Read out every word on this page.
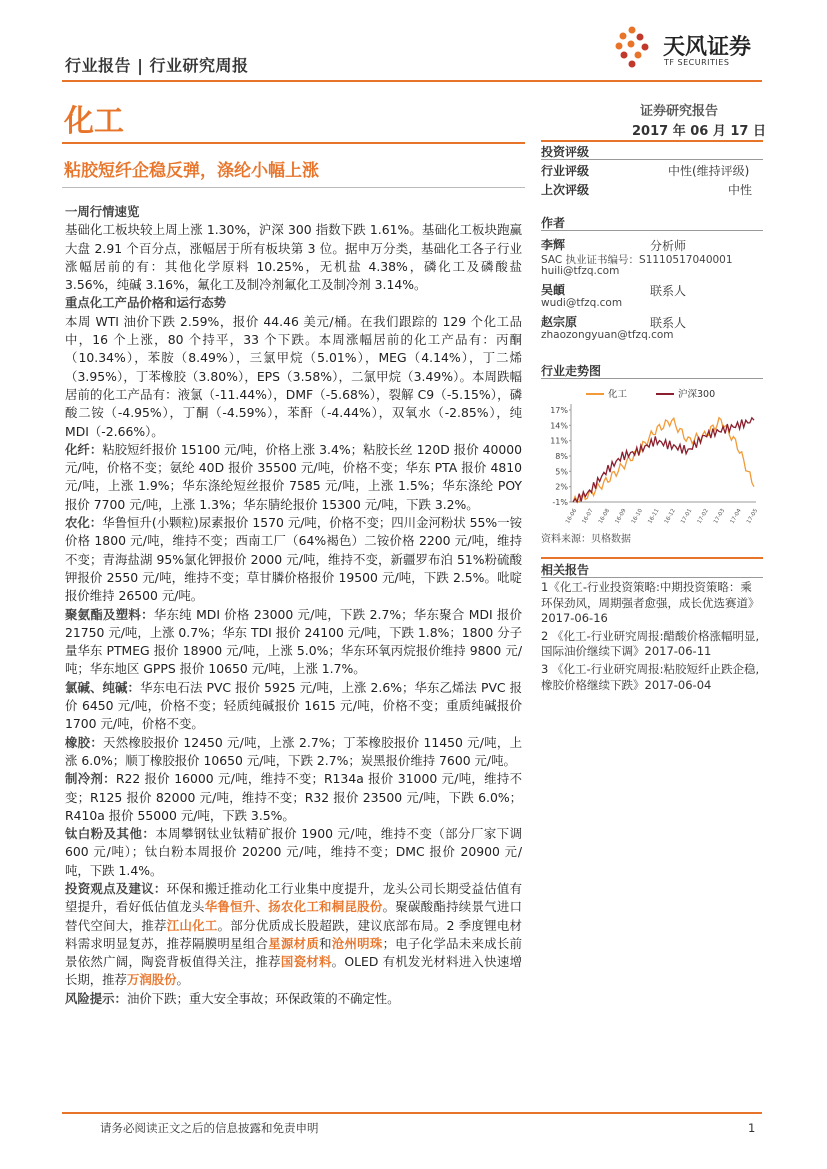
行业报告 | 行业研究周报
天风证券
TF SECURITIES
化工	证券研究报告
2017 年 06 月 17 日
粘胶短纤企稳反弹，涤纶小幅上涨

一周行情速览

基础化工板块较上周上涨 1.30%，沪深 300 指数下跌 1.61%。基础化工板块跑赢大盘 2.91 个百分点，涨幅居于所有板块第 3 位。据申万分类，基础化工各子行业涨幅居前的有：其他化学原料 10.25%，无机盐 4.38%，磷化工及磷酸盐 3.56%，纯碱 3.16%，氟化工及制冷剂氟化工及制冷剂 3.14%。

重点化工产品价格和运行态势

本周 WTI 油价下跌 2.59%，报价 44.46 美元/桶。在我们跟踪的 129 个化工品中，16 个上涨，80 个持平，33 个下跌。本周涨幅居前的化工产品有：丙酮（10.34%），苯胺（8.49%），三氯甲烷（5.01%），MEG（4.14%），丁二烯（3.95%），丁苯橡胶（3.80%），EPS（3.58%），二氯甲烷（3.49%）。本周跌幅居前的化工产品有：液氯（-11.44%），DMF（-5.68%），裂解 C9（-5.15%），磷酸二铵（-4.95%），丁酮（-4.59%），苯酐（-4.44%），双氧水（-2.85%），纯 MDI（-2.66%）。

化纤：粘胶短纤报价 15100 元/吨，价格上涨 3.4%；粘胶长丝 120D 报价 40000 元/吨，价格不变；氨纶 40D 报价 35500 元/吨，价格不变；华东 PTA 报价 4810 元/吨，上涨 1.9%；华东涤纶短丝报价 7585 元/吨，上涨 1.5%；华东涤纶 POY 报价 7700 元/吨，上涨 1.3%；华东腈纶报价 15300 元/吨，下跌 3.2%。

农化：华鲁恒升(小颗粒)尿素报价 1570 元/吨，价格不变；四川金河粉状 55%一铵价格 1800 元/吨，维持不变；西南工厂（64%褐色）二铵价格 2200 元/吨，维持不变；青海盐湖 95%氯化钾报价 2000 元/吨，维持不变，新疆罗布泊 51%粉硫酸钾报价 2550 元/吨，维持不变；草甘膦价格报价 19500 元/吨，下跌 2.5%。吡啶报价维持 26500 元/吨。

聚氨酯及塑料：华东纯 MDI 价格 23000 元/吨，下跌 2.7%；华东聚合 MDI 报价 21750 元/吨，上涨 0.7%；华东 TDI 报价 24100 元/吨，下跌 1.8%；1800 分子量华东 PTMEG 报价 18900 元/吨，上涨 5.0%；华东环氧丙烷报价维持 9800 元/吨；华东地区 GPPS 报价 10650 元/吨，上涨 1.7%。

氯碱、纯碱：华东电石法 PVC 报价 5925 元/吨，上涨 2.6%；华东乙烯法 PVC 报价 6450 元/吨，价格不变；轻质纯碱报价 1615 元/吨，价格不变；重质纯碱报价 1700 元/吨，价格不变。

橡胶：天然橡胶报价 12450 元/吨，上涨 2.7%；丁苯橡胶报价 11450 元/吨，上涨 6.0%；顺丁橡胶报价 10650 元/吨，下跌 2.7%；炭黑报价维持 7600 元/吨。

制冷剂：R22 报价 16000 元/吨，维持不变；R134a 报价 31000 元/吨，维持不变；R125 报价 82000 元/吨，维持不变；R32 报价 23500 元/吨，下跌 6.0%；R410a 报价 55000 元/吨，下跌 3.5%。

钛白粉及其他：本周攀钢钛业钛精矿报价 1900 元/吨，维持不变（部分厂家下调 600 元/吨）；钛白粉本周报价 20200 元/吨，维持不变；DMC 报价 20900 元/吨，下跌 1.4%。

投资观点及建议：环保和搬迁推动化工行业集中度提升，龙头公司长期受益估值有望提升，看好低估值龙头华鲁恒升、扬农化工和桐昆股份。聚碳酸酯持续景气进口替代空间大，推荐江山化工。部分优质成长股超跌，建议底部布局。2 季度锂电材料需求明显复苏，推荐隔膜明星组合星源材质和沧州明珠；电子化学品未来成长前景依然广阔，陶瓷背板值得关注，推荐国瓷材料。OLED 有机发光材料进入快速增长期，推荐万润股份。

风险提示：油价下跌；重大安全事故；环保政策的不确定性。

投资评级
行业评级	中性(维持评级)
上次评级	中性
作者
李辉	分析师
SAC 执业证书编号：S1110517040001
huili@tfzq.com
吴頔	联系人
wudi@tfzq.com
赵宗原	联系人
zhaozongyuan@tfzq.com
行业走势图
化工	沪深300
17%
14%
11%
8%
5%
2%
-1%
16-06 16-07 16-08 16-09 16-10 16-11 16-12 17-01 17-02 17-03 17-04 17-05
资料来源：贝格数据
相关报告

1《化工-行业投资策略:中期投资策略：乘环保劲风，周期强者愈强，成长优选赛道》 2017-06-16

2 《化工-行业研究周报:醋酸价格涨幅明显,国际油价继续下调》2017-06-11

3 《化工-行业研究周报:粘胶短纤止跌企稳,橡胶价格继续下跌》2017-06-04

请务必阅读正文之后的信息披露和免责申明	1
